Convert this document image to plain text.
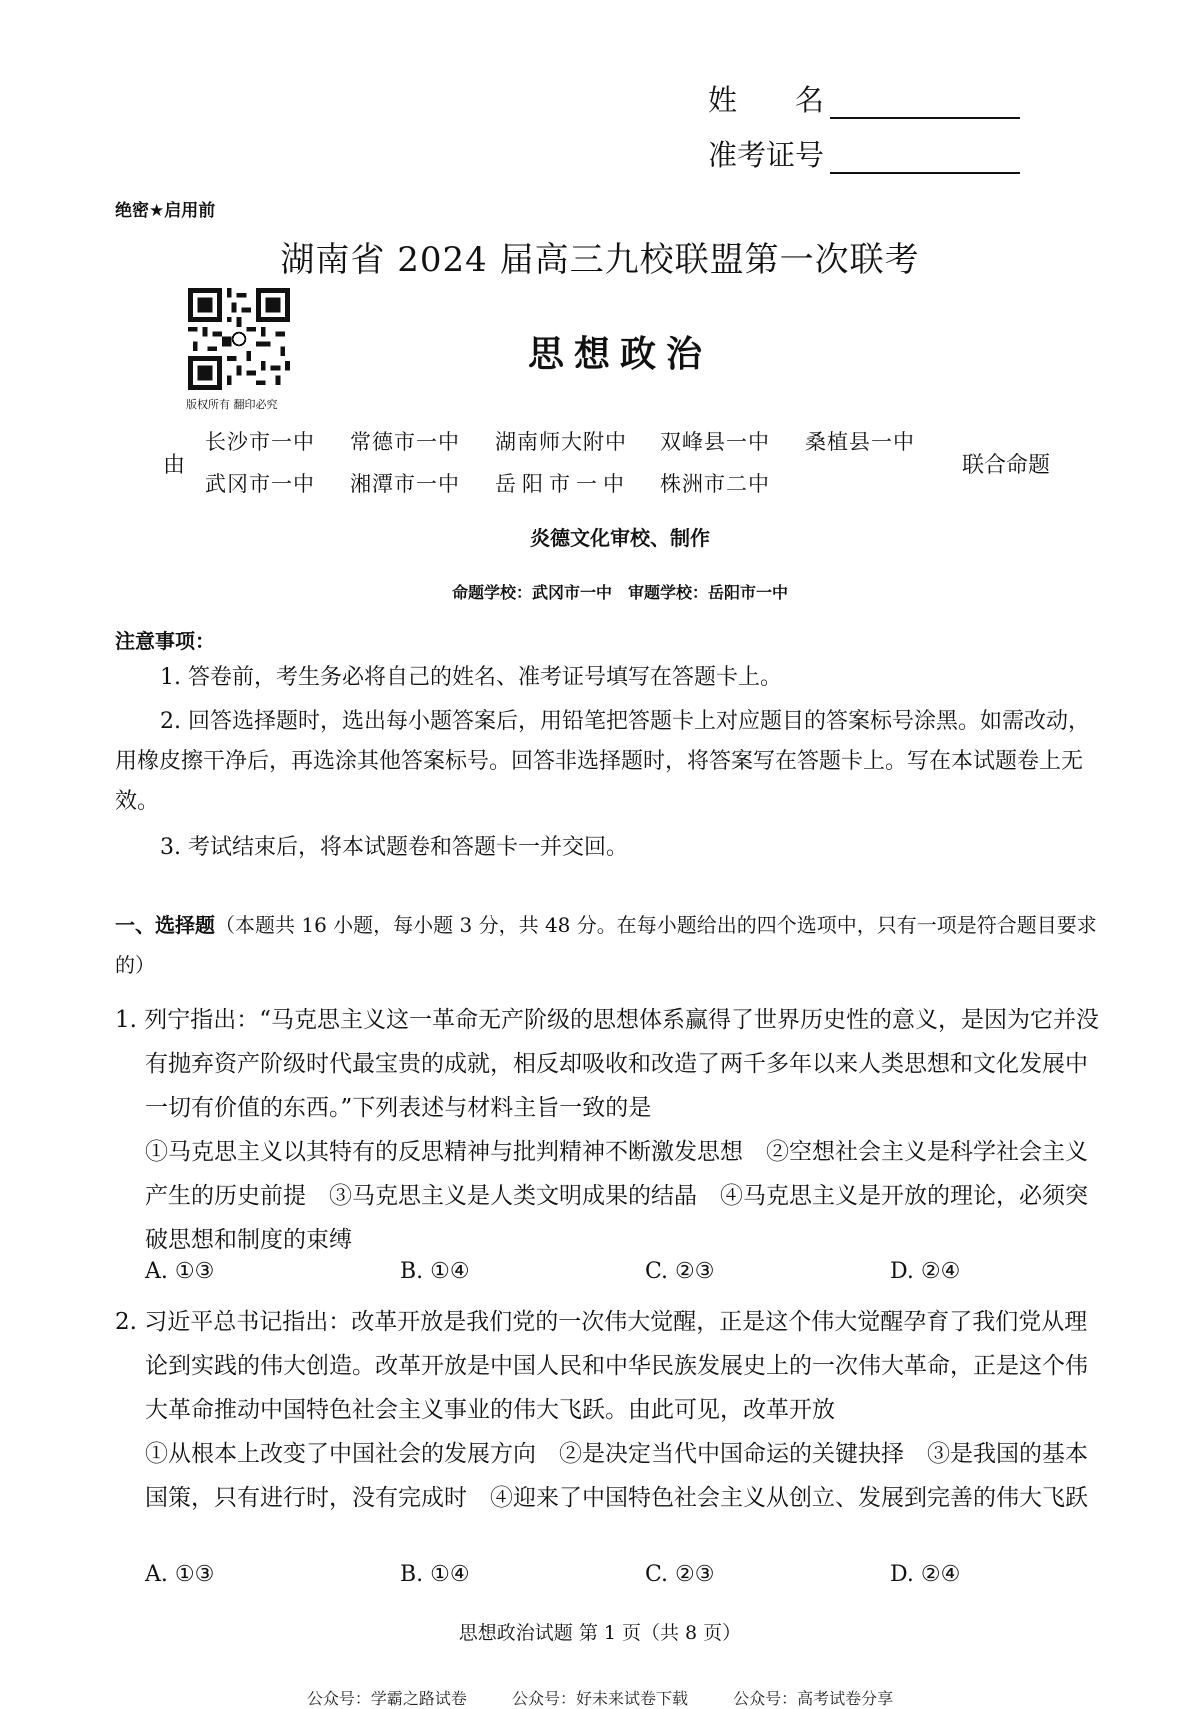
姓　　名
准考证号
绝密★启用前
湖南省 2024 届高三九校联盟第一次联考
版权所有 翻印必究
思想政治
由
长沙市一中 常德市一中 湖南师大附中 双峰县一中 桑植县一中
武冈市一中 湘潭市一中 岳阳市一中 株洲市二中
联合命题
炎德文化审校、制作
命题学校：武冈市一中　审题学校：岳阳市一中
注意事项：
1. 答卷前，考生务必将自己的姓名、准考证号填写在答题卡上。
2. 回答选择题时，选出每小题答案后，用铅笔把答题卡上对应题目的答案标号涂黑。如需改动，用橡皮擦干净后，再选涂其他答案标号。回答非选择题时，将答案写在答题卡上。写在本试题卷上无效。
3. 考试结束后，将本试题卷和答题卡一并交回。
一、选择题（本题共 16 小题，每小题 3 分，共 48 分。在每小题给出的四个选项中，只有一项是符合题目要求的）
1. 列宁指出：“马克思主义这一革命无产阶级的思想体系赢得了世界历史性的意义，是因为它并没有抛弃资产阶级时代最宝贵的成就，相反却吸收和改造了两千多年以来人类思想和文化发展中一切有价值的东西。”下列表述与材料主旨一致的是
①马克思主义以其特有的反思精神与批判精神不断激发思想　②空想社会主义是科学社会主义产生的历史前提　③马克思主义是人类文明成果的结晶　④马克思主义是开放的理论，必须突破思想和制度的束缚
A. ①③	B. ①④	C. ②③	D. ②④
2. 习近平总书记指出：改革开放是我们党的一次伟大觉醒，正是这个伟大觉醒孕育了我们党从理论到实践的伟大创造。改革开放是中国人民和中华民族发展史上的一次伟大革命，正是这个伟大革命推动中国特色社会主义事业的伟大飞跃。由此可见，改革开放
①从根本上改变了中国社会的发展方向　②是决定当代中国命运的关键抉择　③是我国的基本国策，只有进行时，没有完成时　④迎来了中国特色社会主义从创立、发展到完善的伟大飞跃
A. ①③	B. ①④	C. ②③	D. ②④
思想政治试题 第 1 页（共 8 页）
公众号：学霸之路试卷	公众号：好未来试卷下载	公众号：高考试卷分享
